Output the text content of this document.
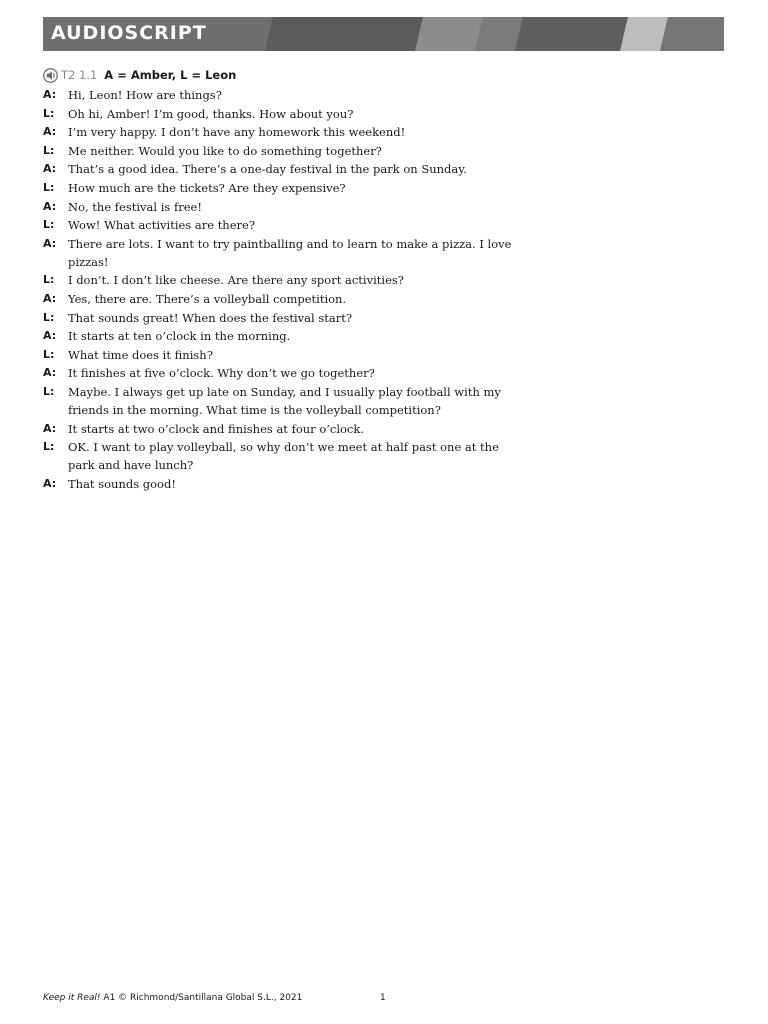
AUDIOSCRIPT
T2 1.1 A = Amber, L = Leon
A:	Hi, Leon! How are things?
L:	Oh hi, Amber! I’m good, thanks. How about you?
A:	I’m very happy. I don’t have any homework this weekend!
L:	Me neither. Would you like to do something together?
A:	That’s a good idea. There’s a one-day festival in the park on Sunday.
L:	How much are the tickets? Are they expensive?
A:	No, the festival is free!
L:	Wow! What activities are there?
A:	There are lots. I want to try paintballing and to learn to make a pizza. I love pizzas!
L:	I don’t. I don’t like cheese. Are there any sport activities?
A:	Yes, there are. There’s a volleyball competition.
L:	That sounds great! When does the festival start?
A:	It starts at ten o’clock in the morning.
L:	What time does it finish?
A:	It finishes at five o’clock. Why don’t we go together?
L:	Maybe. I always get up late on Sunday, and I usually play football with my friends in the morning. What time is the volleyball competition?
A:	It starts at two o’clock and finishes at four o’clock.
L:	OK. I want to play volleyball, so why don’t we meet at half past one at the park and have lunch?
A:	That sounds good!
Keep it Real! A1 © Richmond/Santillana Global S.L., 2021	1
